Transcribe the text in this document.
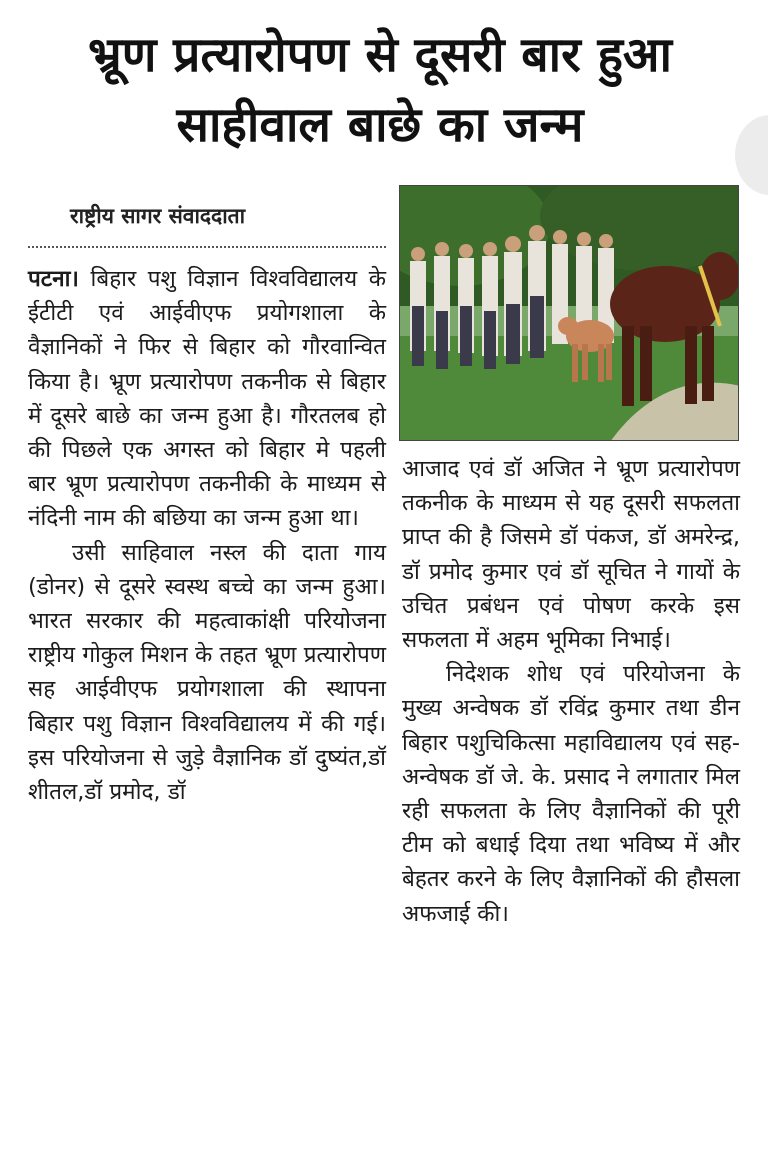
भ्रूण प्रत्यारोपण से दूसरी बार हुआ साहीवाल बाछे का जन्म
राष्ट्रीय सागर संवाददाता

पटना। बिहार पशु विज्ञान विश्वविद्यालय के ईटीटी एवं आईवीएफ प्रयोगशाला के वैज्ञानिकों ने फिर से बिहार को गौरवान्वित किया है। भ्रूण प्रत्यारोपण तकनीक से बिहार में दूसरे बाछे का जन्म हुआ है। गौरतलब हो की पिछले एक अगस्त को बिहार मे पहली बार भ्रूण प्रत्यारोपण तकनीकी के माध्यम से नंदिनी नाम की बछिया का जन्म हुआ था।

उसी साहिवाल नस्ल की दाता गाय (डोनर) से दूसरे स्वस्थ बच्चे का जन्म हुआ। भारत सरकार की महत्वाकांक्षी परियोजना राष्ट्रीय गोकुल मिशन के तहत भ्रूण प्रत्यारोपण सह आईवीएफ प्रयोगशाला की स्थापना बिहार पशु विज्ञान विश्वविद्यालय में की गई। इस परियोजना से जुड़े वैज्ञानिक डॉ दुष्यंत,डॉ शीतल,डॉ प्रमोद, डॉ

आजाद एवं डॉ अजित ने भ्रूण प्रत्यारोपण तकनीक के माध्यम से यह दूसरी सफलता प्राप्त की है जिसमे डॉ पंकज, डॉ अमरेन्द्र, डॉ प्रमोद कुमार एवं डॉ सूचित ने गायों के उचित प्रबंधन एवं पोषण करके इस सफलता में अहम भूमिका निभाई।

निदेशक शोध एवं परियोजना के मुख्य अन्वेषक डॉ रविंद्र कुमार तथा डीन बिहार पशुचिकित्सा महाविद्यालय एवं सह-अन्वेषक डॉ जे. के. प्रसाद ने लगातार मिल रही सफलता के लिए वैज्ञानिकों की पूरी टीम को बधाई दिया तथा भविष्य में और बेहतर करने के लिए वैज्ञानिकों की हौसला अफजाई की।
